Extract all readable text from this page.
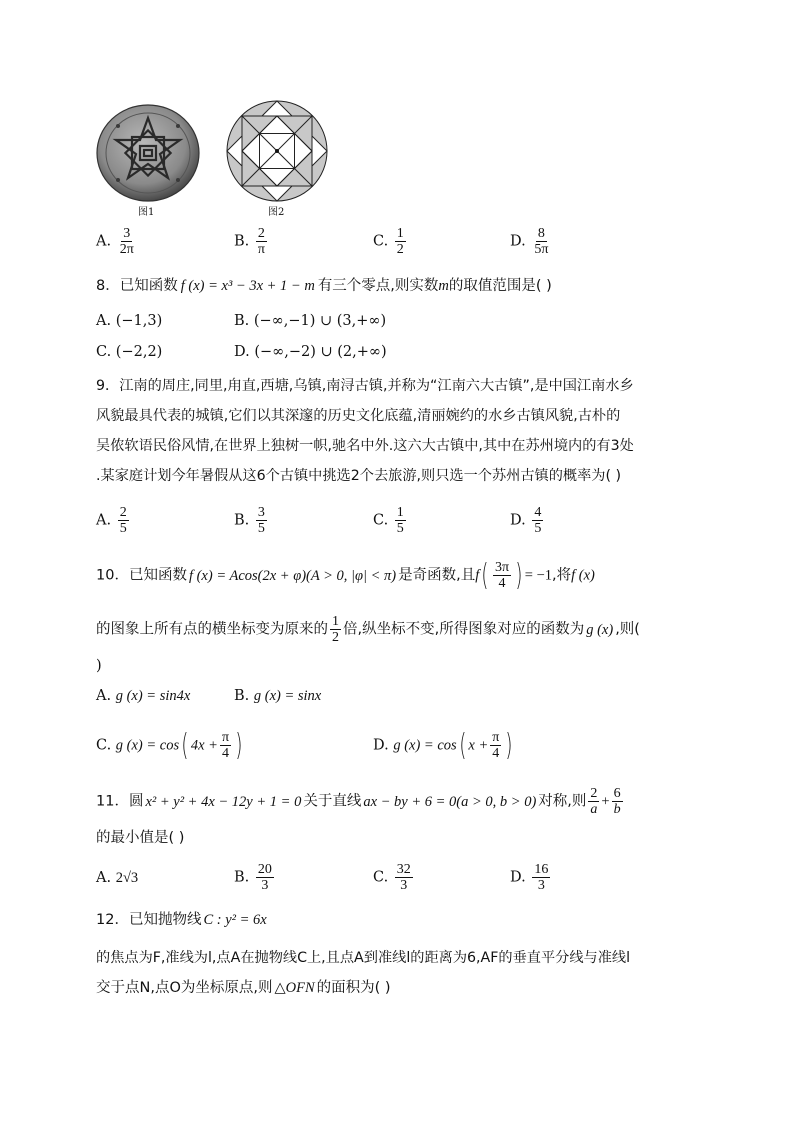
图1	图2
A. $\frac{3}{2\pi}$	B. $\frac{2}{\pi}$	C. $\frac{1}{2}$	D. $\frac{8}{5\pi}$
8．已知函数 f (x) = x³ − 3x + 1 − m 有三个零点,则实数m的取值范围是( )
A. (−1,3)	B. (−∞,−1) ∪ (3,+∞)
C. (−2,2)	D. (−∞,−2) ∪ (2,+∞)
9．江南的周庄,同里,甪直,西塘,乌镇,南浔古镇,并称为“江南六大古镇”,是中国江南水乡
风貌最具代表的城镇,它们以其深邃的历史文化底蕴,清丽婉约的水乡古镇风貌,古朴的
吴侬软语民俗风情,在世界上独树一帜,驰名中外.这六大古镇中,其中在苏州境内的有3处
.某家庭计划今年暑假从这6个古镇中挑选2个去旅游,则只选一个苏州古镇的概率为( )
A. $\frac{2}{5}$	B. $\frac{3}{5}$	C. $\frac{1}{5}$	D. $\frac{4}{5}$
10．已知函数 f (x) = Acos(2x + φ)(A > 0, |φ| < π) 是奇函数,且$f( \frac{3\pi}{4}$ ) = −1,将f (x)
的图象上所有点的横坐标变为原来的 $\frac{1}{2}$ 倍,纵坐标不变,所得图象对应的函数为 g (x) ,则(
)
A. g (x) = sin4x	B. g (x) = sinx
C. g (x) = cos( $4x + \frac{\pi}{4}$ )	D. g (x) = cos( $x + \frac{\pi}{4}$ )
11．圆 x² + y² + 4x − 12y + 1 = 0 关于直线 ax − by + 6 = 0(a > 0, b > 0) 对称,则 $\frac{2}{a} + \frac{6}{b}$
的最小值是( )
A. 2√3	B. $\frac{20}{3}$	C. $\frac{32}{3}$	D. $\frac{16}{3}$
12．已知抛物线 C : y² = 6x
的焦点为F,准线为l,点A在抛物线C上,且点A到准线l的距离为6,AF的垂直平分线与准线l
交于点N,点O为坐标原点,则 △OFN 的面积为( )
